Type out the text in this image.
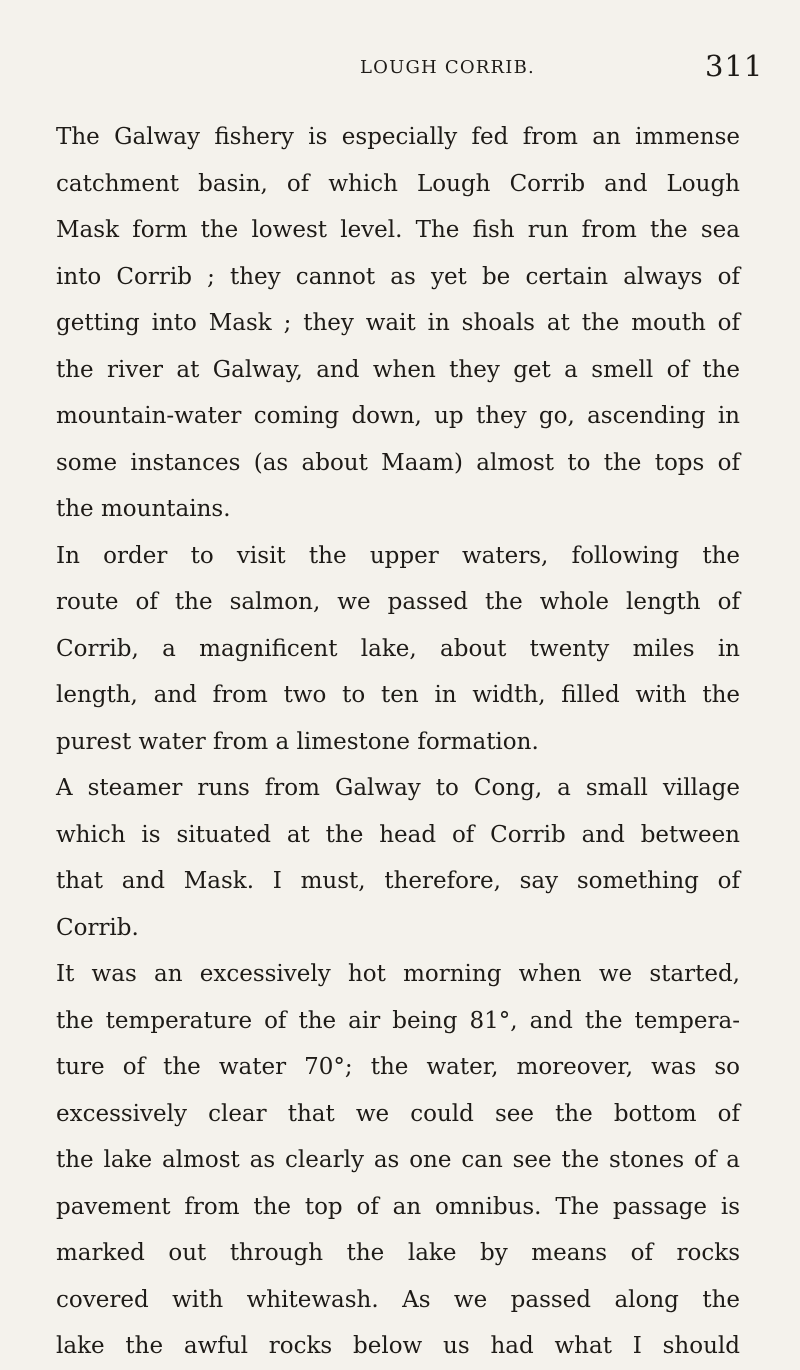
LOUGH CORRIB.	311
The Galway fishery is especially fed from an immense
catchment basin, of which Lough Corrib and Lough
Mask form the lowest level. The fish run from the sea
into Corrib ; they cannot as yet be certain always of
getting into Mask ; they wait in shoals at the mouth of
the river at Galway, and when they get a smell of the
mountain-water coming down, up they go, ascending in
some instances (as about Maam) almost to the tops of
the mountains.
In order to visit the upper waters, following the
route of the salmon, we passed the whole length of
Corrib, a magnificent lake, about twenty miles in
length, and from two to ten in width, filled with the
purest water from a limestone formation.
A steamer runs from Galway to Cong, a small village
which is situated at the head of Corrib and between
that and Mask. I must, therefore, say something of
Corrib.
It was an excessively hot morning when we started,
the temperature of the air being 81°, and the tempera-
ture of the water 70°; the water, moreover, was so
excessively clear that we could see the bottom of
the lake almost as clearly as one can see the stones of a
pavement from the top of an omnibus. The passage is
marked out through the lake by means of rocks
covered with whitewash. As we passed along the
lake the awful rocks below us had what I should
